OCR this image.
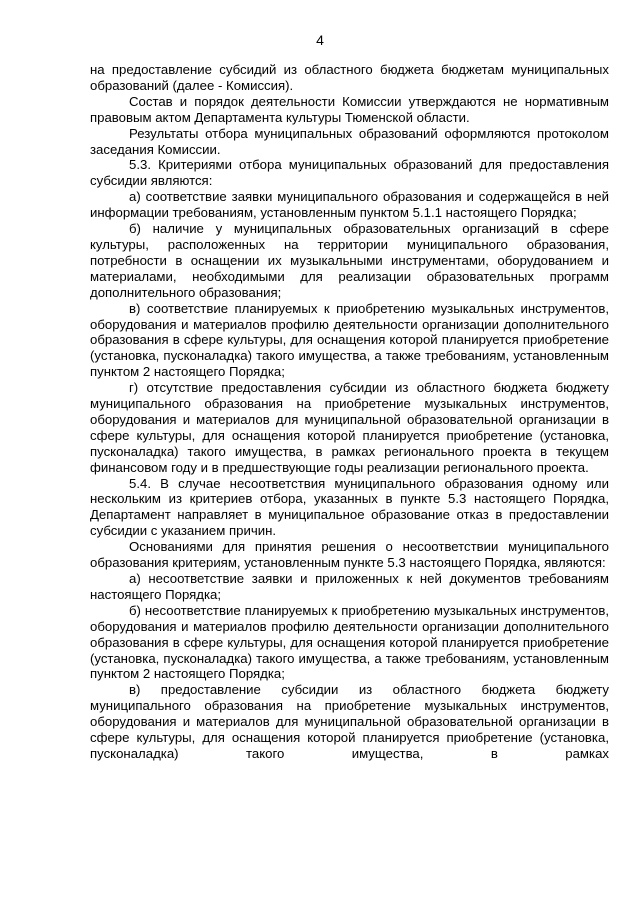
4

на предоставление субсидий из областного бюджета бюджетам муниципальных образований (далее - Комиссия).

Состав и порядок деятельности Комиссии утверждаются не нормативным правовым актом Департамента культуры Тюменской области.

Результаты отбора муниципальных образований оформляются протоколом заседания Комиссии.

5.3. Критериями отбора муниципальных образований для предоставления субсидии являются:

а) соответствие заявки муниципального образования и содержащейся в ней информации требованиям, установленным пунктом 5.1.1 настоящего Порядка;

б) наличие у муниципальных образовательных организаций в сфере культуры, расположенных на территории муниципального образования, потребности в оснащении их музыкальными инструментами, оборудованием и материалами, необходимыми для реализации образовательных программ дополнительного образования;

в) соответствие планируемых к приобретению музыкальных инструментов, оборудования и материалов профилю деятельности организации дополнительного образования в сфере культуры, для оснащения которой планируется приобретение (установка, пусконаладка) такого имущества, а также требованиям, установленным пунктом 2 настоящего Порядка;

г) отсутствие предоставления субсидии из областного бюджета бюджету муниципального образования на приобретение музыкальных инструментов, оборудования и материалов для муниципальной образовательной организации в сфере культуры, для оснащения которой планируется приобретение (установка, пусконаладка) такого имущества, в рамках регионального проекта в текущем финансовом году и в предшествующие годы реализации регионального проекта.

5.4. В случае несоответствия муниципального образования одному или нескольким из критериев отбора, указанных в пункте 5.3 настоящего Порядка, Департамент направляет в муниципальное образование отказ в предоставлении субсидии с указанием причин.

Основаниями для принятия решения о несоответствии муниципального образования критериям, установленным пункте 5.3 настоящего Порядка, являются:

а) несоответствие заявки и приложенных к ней документов требованиям настоящего Порядка;

б) несоответствие планируемых к приобретению музыкальных инструментов, оборудования и материалов профилю деятельности организации дополнительного образования в сфере культуры, для оснащения которой планируется приобретение (установка, пусконаладка) такого имущества, а также требованиям, установленным пунктом 2 настоящего Порядка;

в) предоставление субсидии из областного бюджета бюджету муниципального образования на приобретение музыкальных инструментов, оборудования и материалов для муниципальной образовательной организации в сфере культуры, для оснащения которой планируется приобретение (установка, пусконаладка) такого имущества, в рамках
